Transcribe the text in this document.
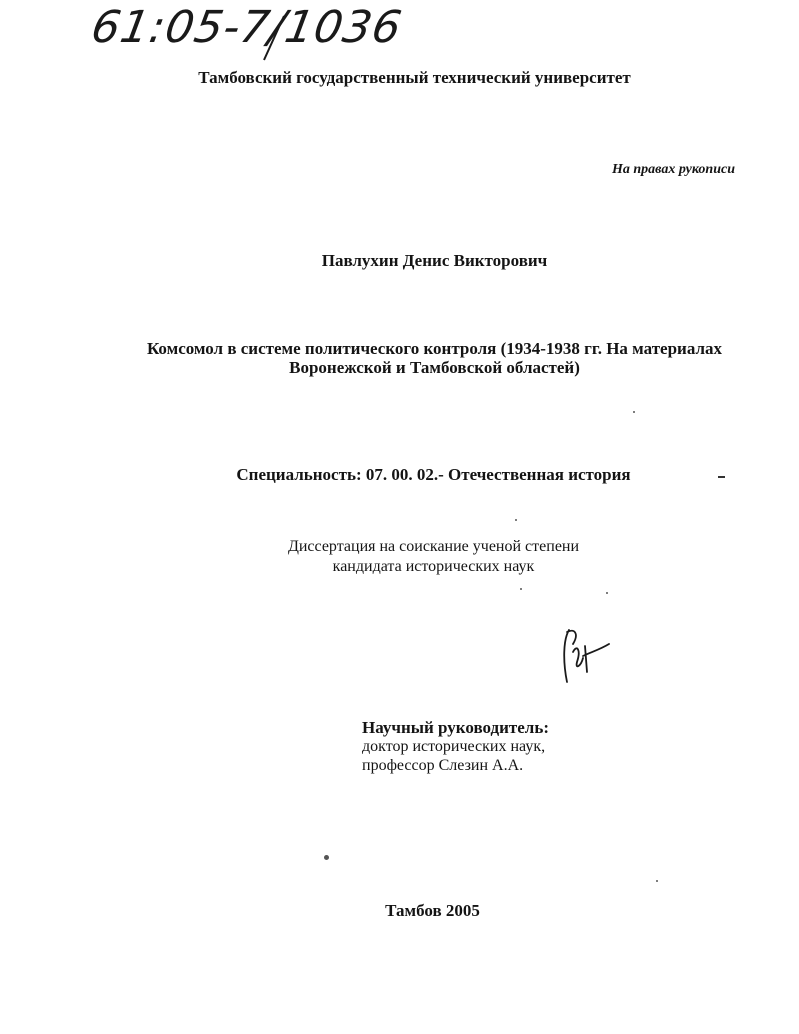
61:05-7/1036
Тамбовский государственный технический университет
На правах рукописи
Павлухин Денис Викторович
Комсомол в системе политического контроля (1934-1938 гг. На материалах
Воронежской и Тамбовской областей)
Специальность: 07. 00. 02.- Отечественная история
Диссертация на соискание ученой степени
кандидата исторических наук
Научный руководитель:
доктор исторических наук,
профессор Слезин А.А.
Тамбов 2005
